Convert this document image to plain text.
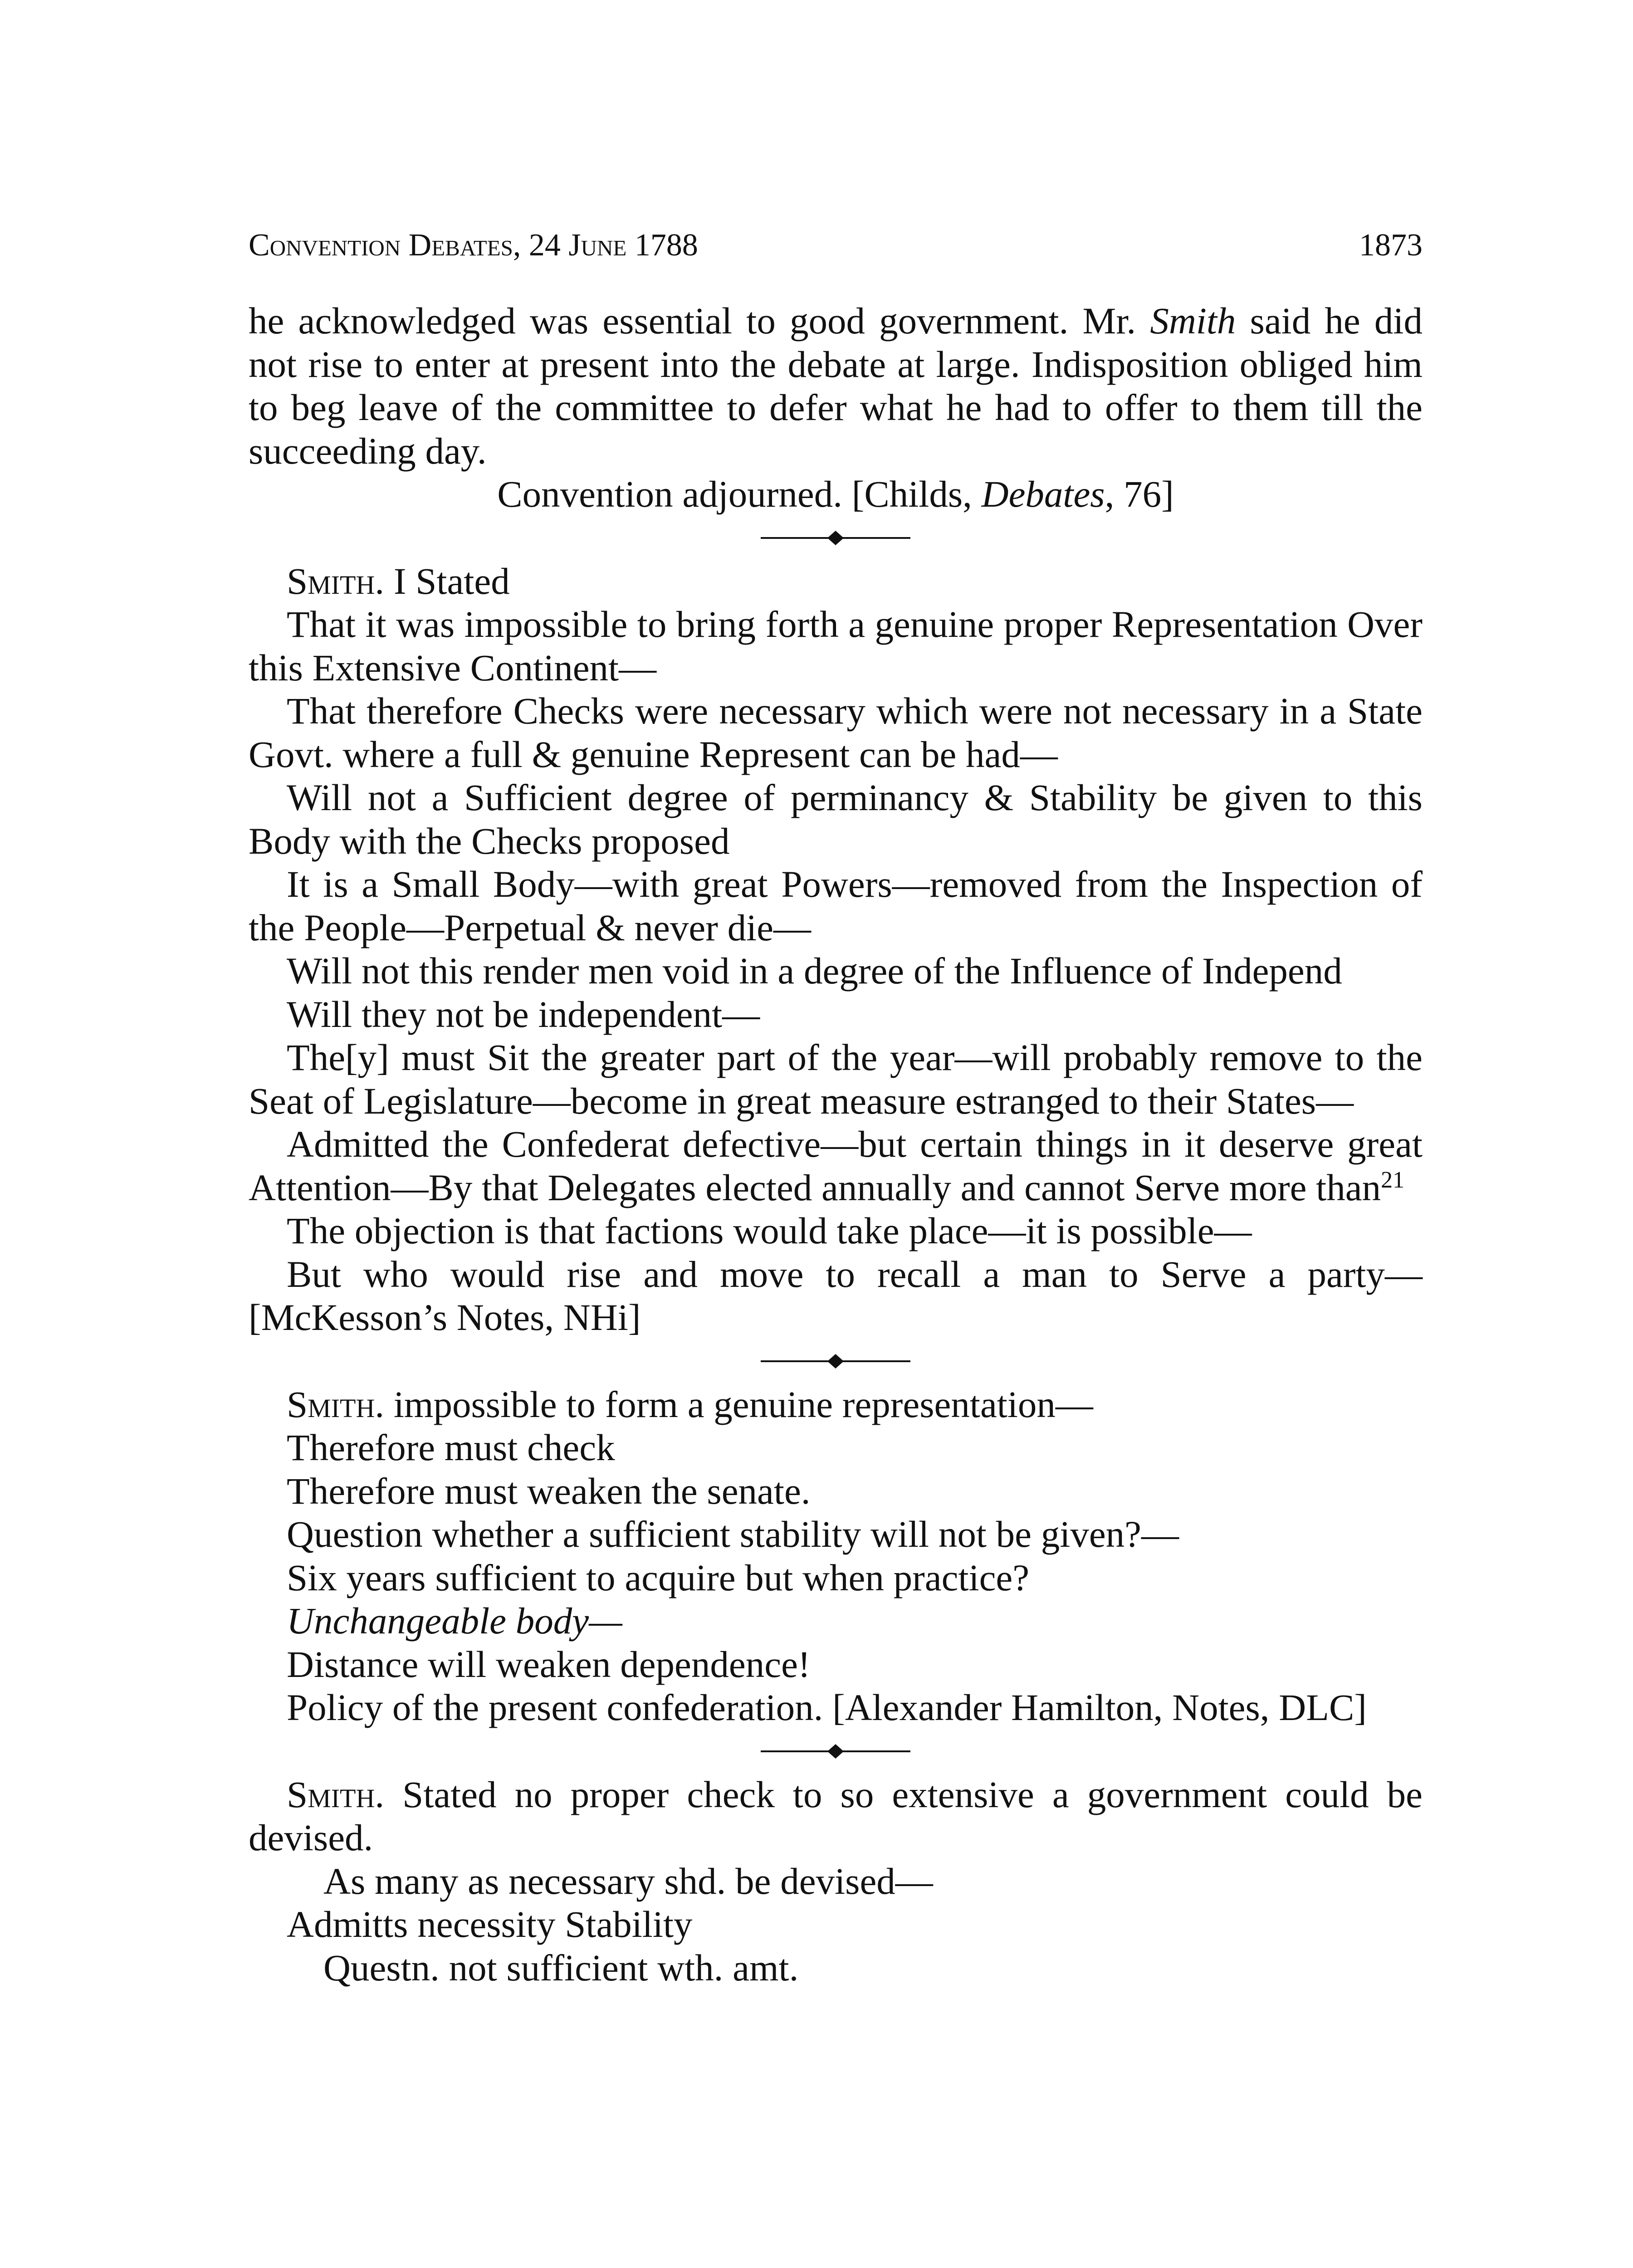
Convention Debates, 24 June 1788	1873

he acknowledged was essential to good government. Mr. Smith said he did not rise to enter at present into the debate at large. Indisposition obliged him to beg leave of the committee to defer what he had to offer to them till the succeeding day.

Convention adjourned. [Childs, Debates, 76]

Smith. I Stated

That it was impossible to bring forth a genuine proper Representation Over this Extensive Continent—

That therefore Checks were necessary which were not necessary in a State Govt. where a full & genuine Represent can be had—

Will not a Sufficient degree of perminancy & Stability be given to this Body with the Checks proposed

It is a Small Body—with great Powers—removed from the Inspection of the People—Perpetual & never die—

Will not this render men void in a degree of the Influence of Independ

Will they not be independent—

The[y] must Sit the greater part of the year—will probably remove to the Seat of Legislature—become in great measure estranged to their States—

Admitted the Confederat defective—but certain things in it deserve great Attention—By that Delegates elected annually and cannot Serve more than$^{21}$

The objection is that factions would take place—it is possible—

But who would rise and move to recall a man to Serve a party— [McKesson’s Notes, NHi]

Smith. impossible to form a genuine representation—

Therefore must check

Therefore must weaken the senate.

Question whether a sufficient stability will not be given?—

Six years sufficient to acquire but when practice?

Unchangeable body—

Distance will weaken dependence!

Policy of the present confederation. [Alexander Hamilton, Notes, DLC]

Smith. Stated no proper check to so extensive a government could be devised.

As many as necessary shd. be devised—

Admitts necessity Stability

Questn. not sufficient wth. amt.
